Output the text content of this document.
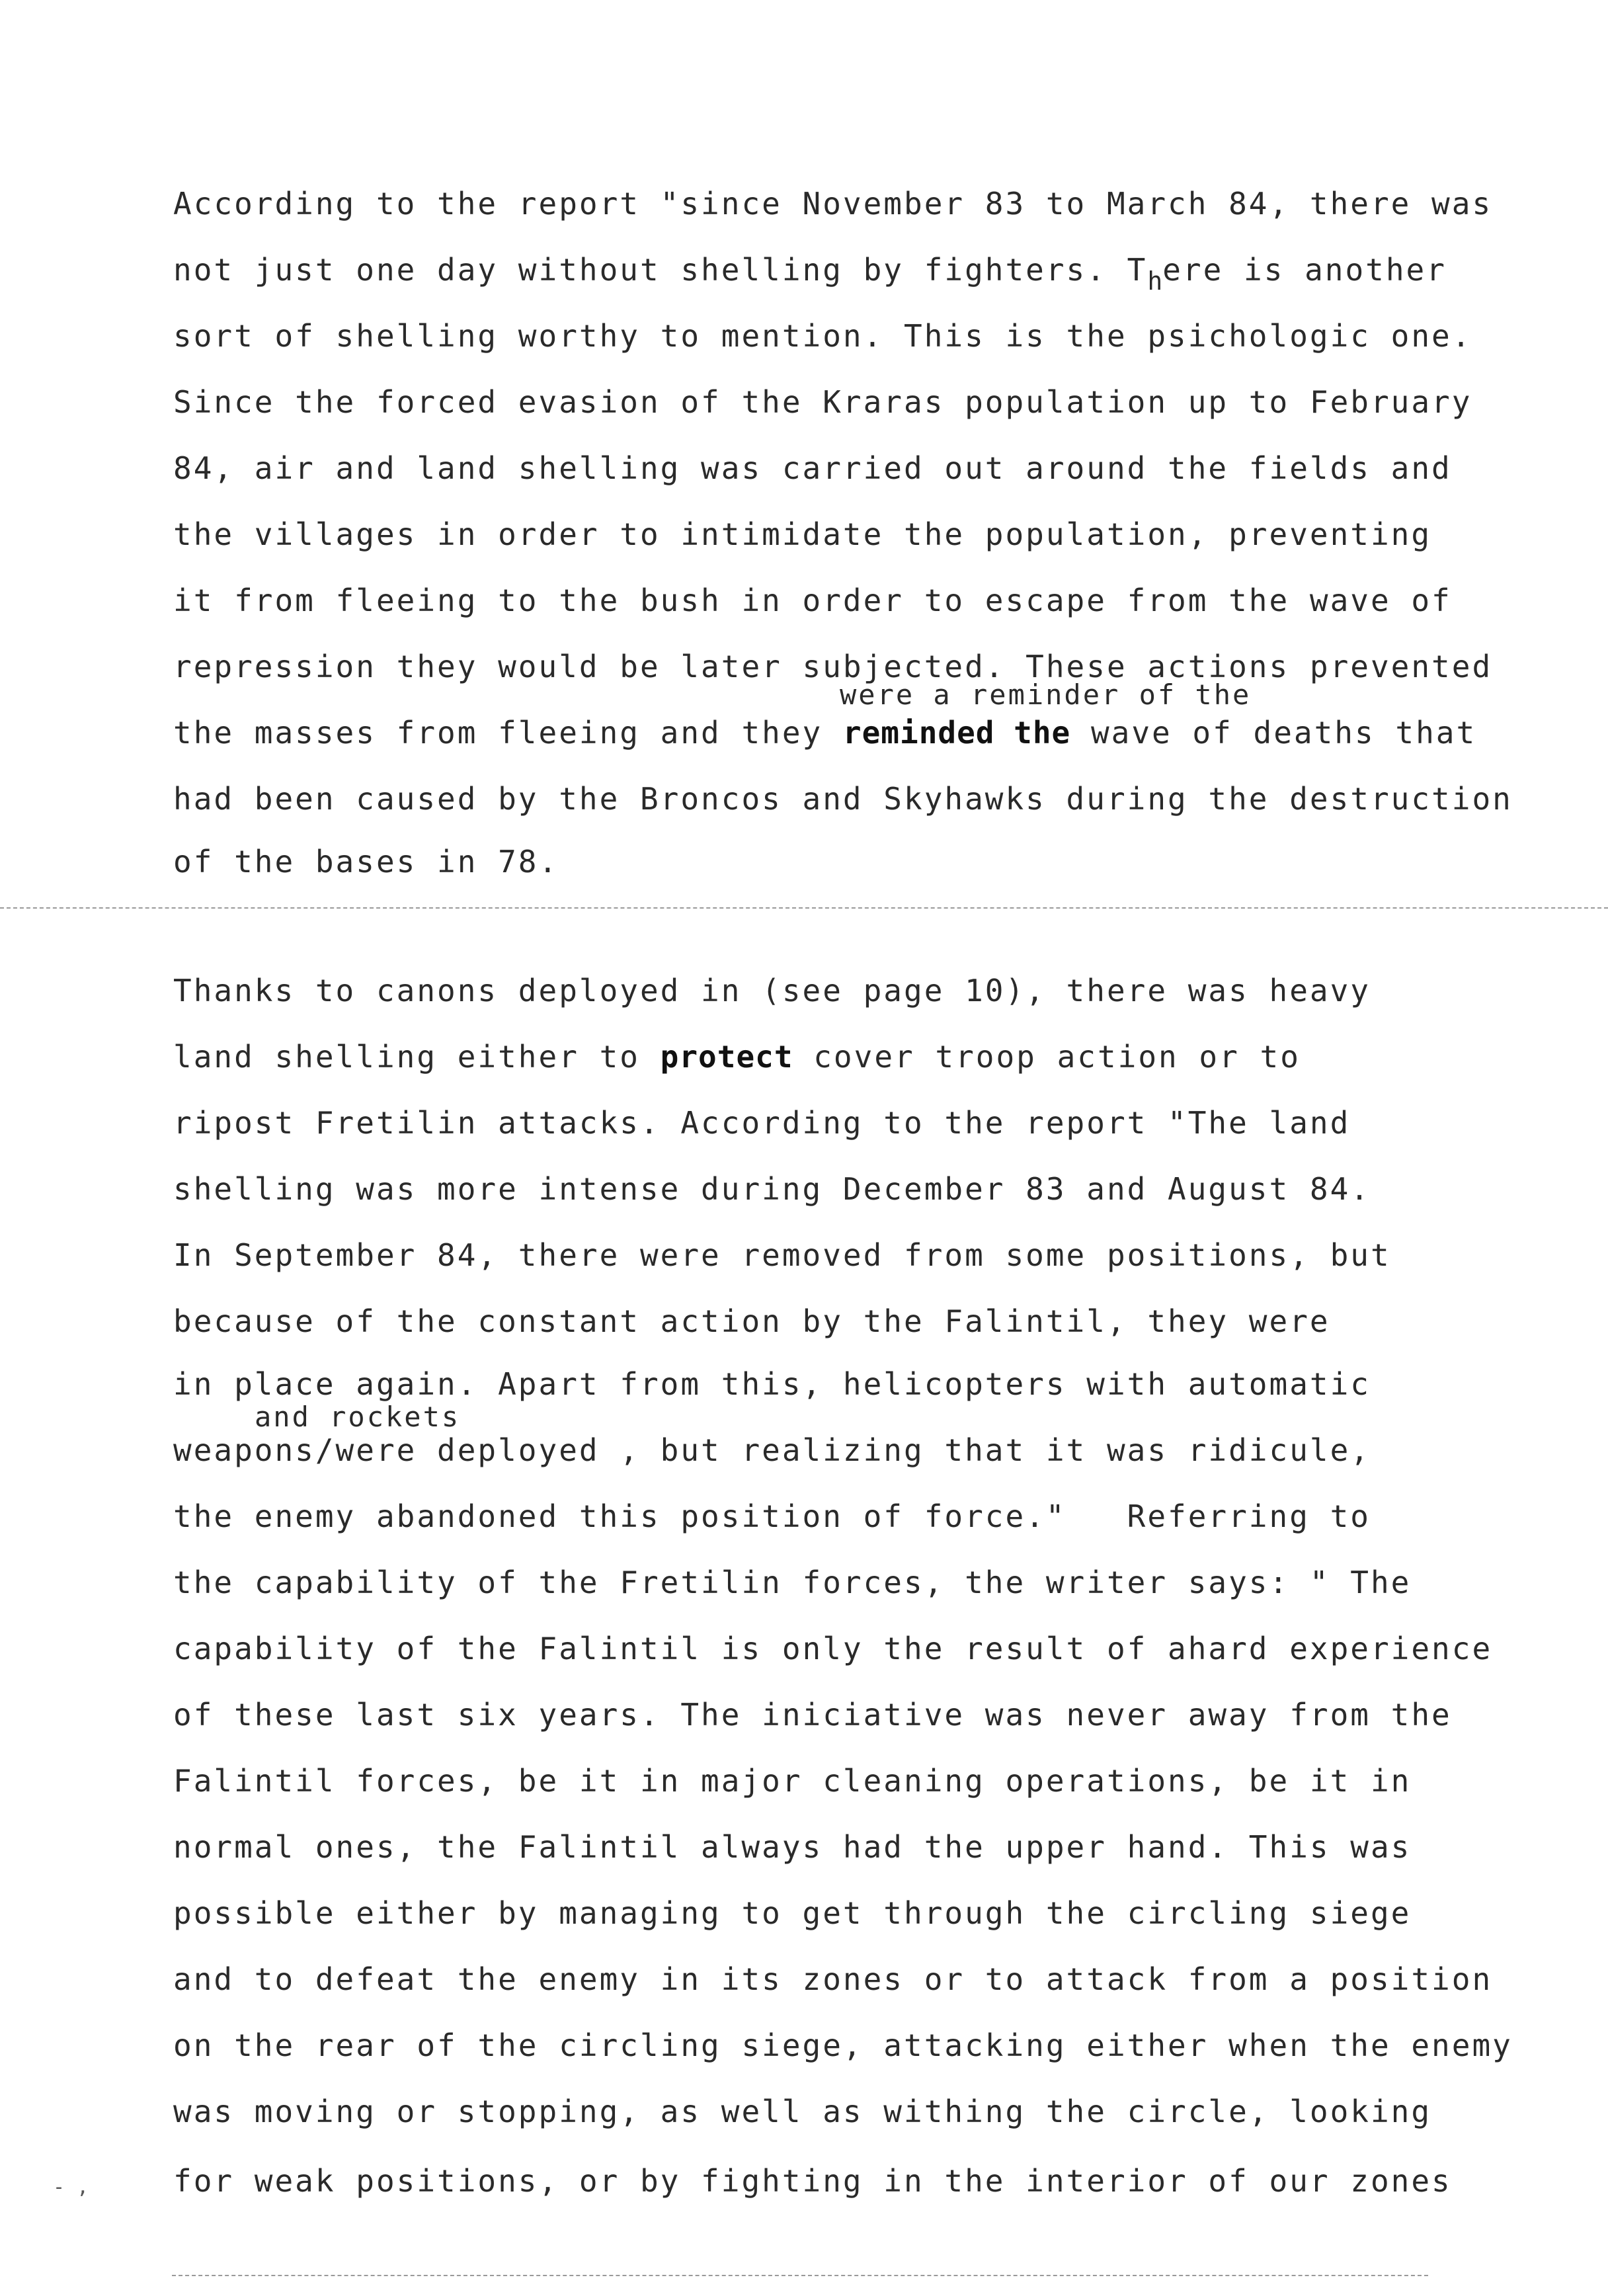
According to the report "since November 83 to March 84, there was
not just one day without shelling by fighters. There is another
sort of shelling worthy to mention. This is the psichologic one.
Since the forced evasion of the Kraras population up to February
84, air and land shelling was carried out around the fields and
the villages in order to intimidate the population, preventing
it from fleeing to the bush in order to escape from the wave of
repression they would be later subjected. These actions prevented
were a reminder of the
the masses from fleeing and they reminded the wave of deaths that
had been caused by the Broncos and Skyhawks during the destruction
of the bases in 78.
Thanks to canons deployed in (see page 10), there was heavy
land shelling either to protect cover troop action or to
ripost Fretilin attacks. According to the report "The land
shelling was more intense during December 83 and August 84.
In September 84, there were removed from some positions, but
because of the constant action by the Falintil, they were
in place again. Apart from this, helicopters with automatic
and rockets
weapons/were deployed , but realizing that it was ridicule,
the enemy abandoned this position of force."   Referring to
the capability of the Fretilin forces, the writer says: " The
capability of the Falintil is only the result of ahard experience
of these last six years. The iniciative was never away from the
Falintil forces, be it in major cleaning operations, be it in
normal ones, the Falintil always had the upper hand. This was
possible either by managing to get through the circling siege
and to defeat the enemy in its zones or to attack from a position
on the rear of the circling siege, attacking either when the enemy
was moving or stopping, as well as withing the circle, looking
for weak positions, or by fighting in the interior of our zones
- ,
